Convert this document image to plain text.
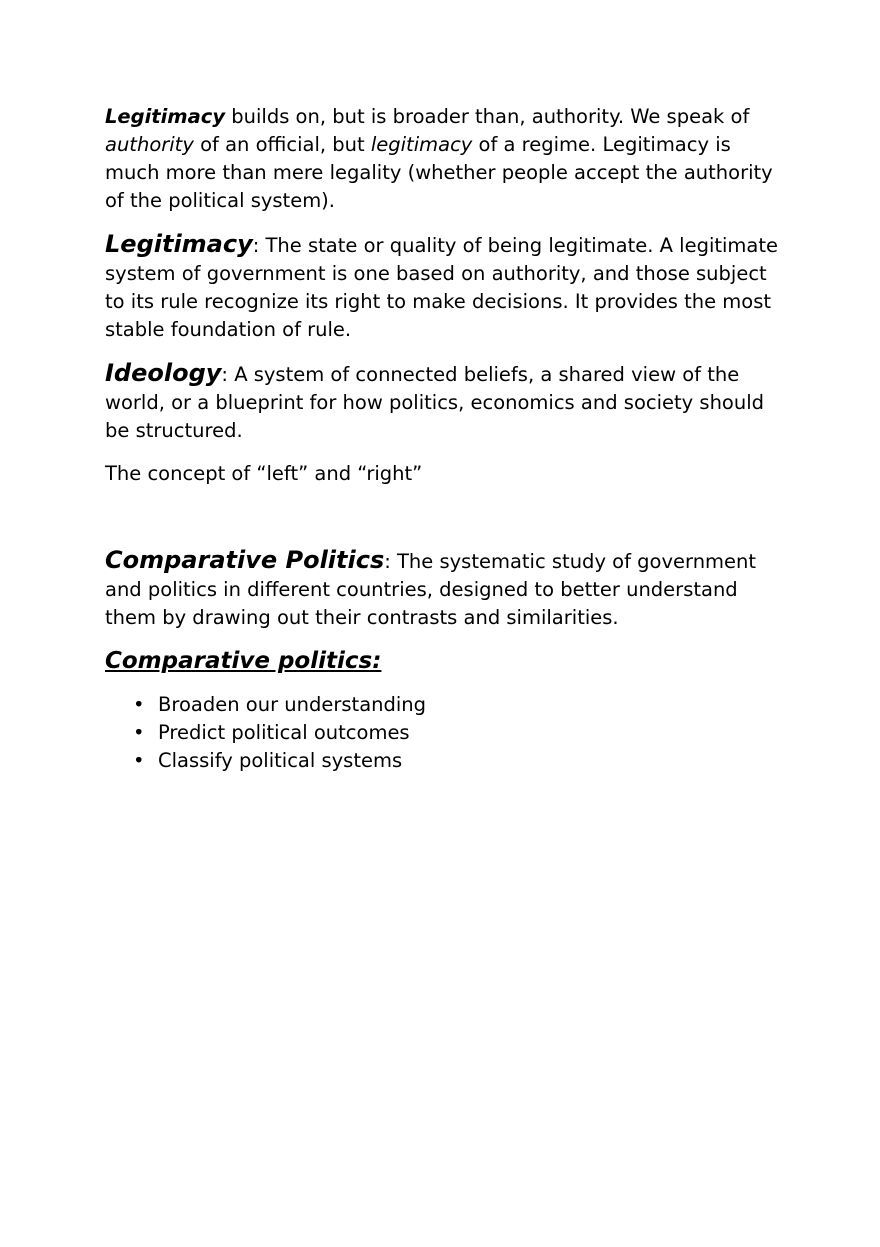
Legitimacy builds on, but is broader than, authority. We speak of authority of an official, but legitimacy of a regime. Legitimacy is much more than mere legality (whether people accept the authority of the political system).

Legitimacy: The state or quality of being legitimate. A legitimate system of government is one based on authority, and those subject to its rule recognize its right to make decisions. It provides the most stable foundation of rule.

Ideology: A system of connected beliefs, a shared view of the world, or a blueprint for how politics, economics and society should be structured.

The concept of “left” and “right”

Comparative Politics: The systematic study of government and politics in different countries, designed to better understand them by drawing out their contrasts and similarities.

Comparative politics:

• Broaden our understanding
• Predict political outcomes
• Classify political systems
